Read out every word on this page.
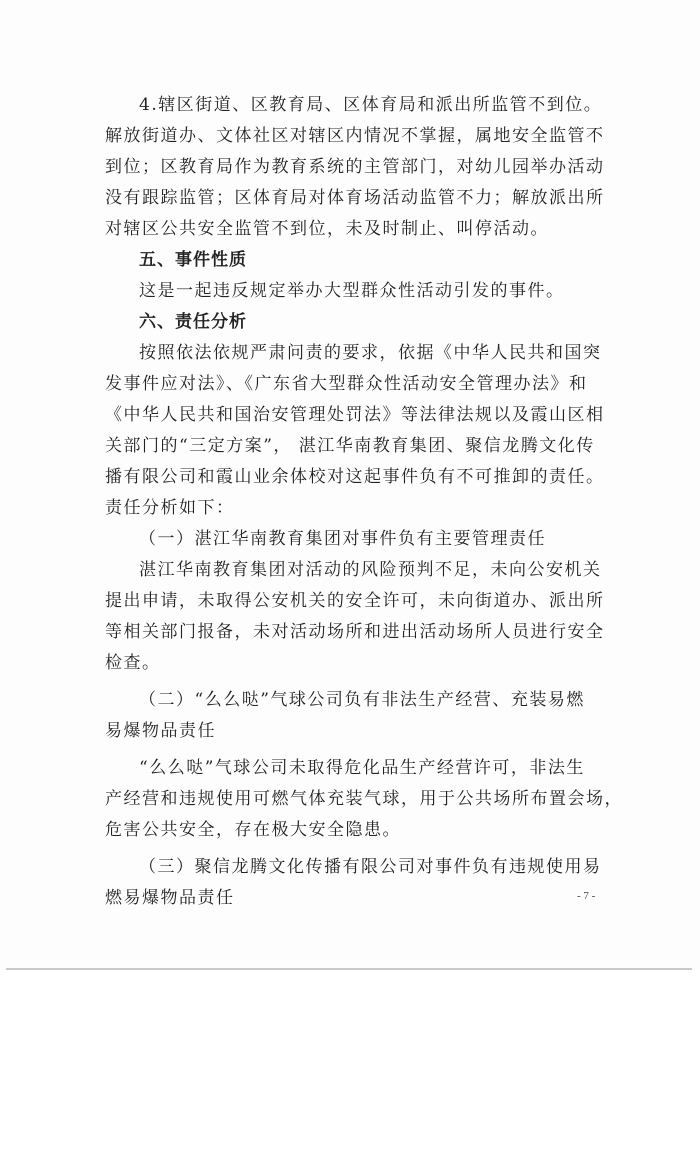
4.辖区街道、区教育局、区体育局和派出所监管不到位。
解放街道办、文体社区对辖区内情况不掌握，属地安全监管不
到位；区教育局作为教育系统的主管部门，对幼儿园举办活动
没有跟踪监管；区体育局对体育场活动监管不力；解放派出所
对辖区公共安全监管不到位，未及时制止、叫停活动。
五、事件性质
这是一起违反规定举办大型群众性活动引发的事件。
六、责任分析
按照依法依规严肃问责的要求，依据《中华人民共和国突
发事件应对法》、《广东省大型群众性活动安全管理办法》和
《中华人民共和国治安管理处罚法》等法律法规以及霞山区相
关部门的“三定方案”， 湛江华南教育集团、聚信龙腾文化传
播有限公司和霞山业余体校对这起事件负有不可推卸的责任。
责任分析如下：
（一）湛江华南教育集团对事件负有主要管理责任
湛江华南教育集团对活动的风险预判不足，未向公安机关
提出申请，未取得公安机关的安全许可，未向街道办、派出所
等相关部门报备，未对活动场所和进出活动场所人员进行安全
检查。
（二）“么么哒”气球公司负有非法生产经营、充装易燃
易爆物品责任
“么么哒”气球公司未取得危化品生产经营许可，非法生
产经营和违规使用可燃气体充装气球，用于公共场所布置会场，
危害公共安全，存在极大安全隐患。
（三）聚信龙腾文化传播有限公司对事件负有违规使用易
燃易爆物品责任	- 7 -
